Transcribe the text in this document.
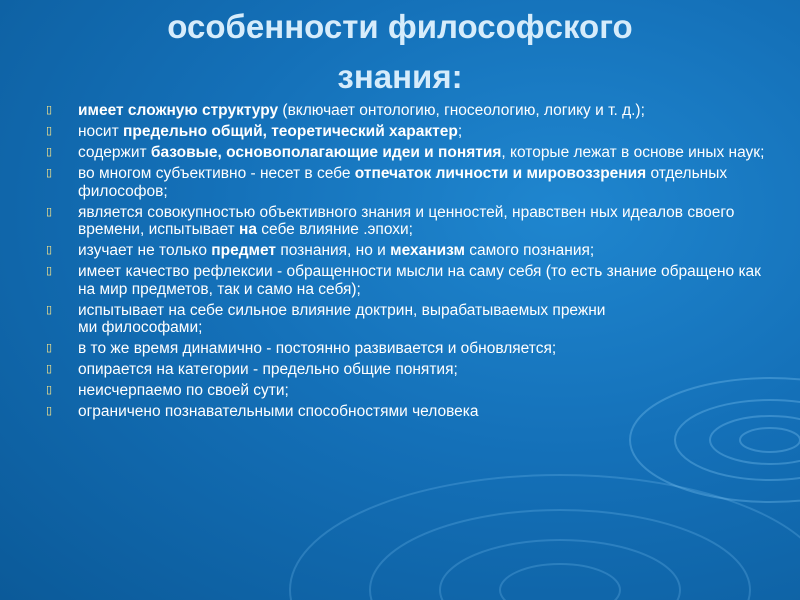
особенности философского
знания:
▯ имеет сложную структуру (включает онтологию, гносеологию, логику и т. д.);
▯ носит предельно общий, теоретический характер;
▯ содержит базовые, основополагающие идеи и понятия, которые лежат в основе иных наук;
▯ во многом субъективно - несет в себе отпечаток личности и мировоззрения отдельных философов;
▯ является совокупностью объективного знания и ценностей, нравствен ных идеалов своего времени, испытывает на себе влияние .эпохи;
▯ изучает не только предмет познания, но и механизм самого познания;
▯ имеет качество рефлексии - обращенности мысли на саму себя (то есть знание обращено как на мир предметов, так и само на себя);
▯ испытывает на себе сильное влияние доктрин, вырабатываемых прежни
ми философами;
▯ в то же время динамично - постоянно развивается и обновляется;
▯ опирается на категории - предельно общие понятия;
▯ неисчерпаемо по своей сути;
▯ ограничено познавательными способностями человека
